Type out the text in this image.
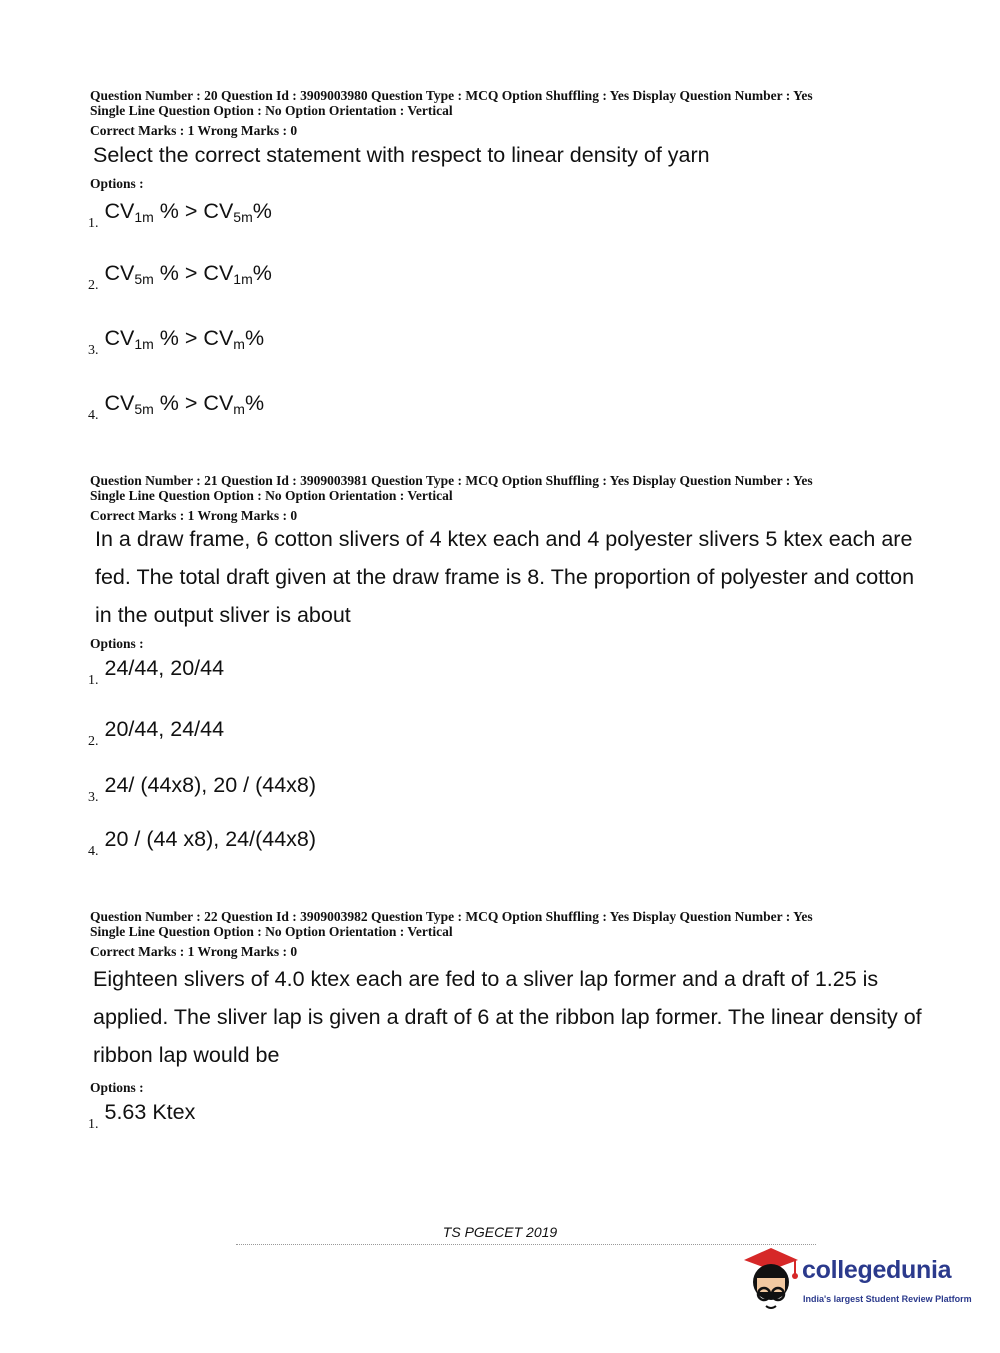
Question Number : 20 Question Id : 3909003980 Question Type : MCQ Option Shuffling : Yes Display Question Number : Yes
Single Line Question Option : No Option Orientation : Vertical
Correct Marks : 1 Wrong Marks : 0
Select the correct statement with respect to linear density of yarn
Options :
$1.CV_{1m}$ % > $CV_{5m}\%$
$2.CV_{5m}$ % > $CV_{1m}\%$
$3.CV_{1m}$ % > $CV_m\%$
$4.CV_{5m}$ % > $CV_m\%$
Question Number : 21 Question Id : 3909003981 Question Type : MCQ Option Shuffling : Yes Display Question Number : Yes
Single Line Question Option : No Option Orientation : Vertical
Correct Marks : 1 Wrong Marks : 0
In a draw frame, 6 cotton slivers of 4 ktex each and 4 polyester slivers 5 ktex each are fed. The total draft given at the draw frame is 8. The proportion of polyester and cotton in the output sliver is about
Options :
1.24/44, 20/44
2.20/44, 24/44
3.24/ (44x8), 20 / (44x8)
4.20 / (44 x8), 24/(44x8)
Question Number : 22 Question Id : 3909003982 Question Type : MCQ Option Shuffling : Yes Display Question Number : Yes
Single Line Question Option : No Option Orientation : Vertical
Correct Marks : 1 Wrong Marks : 0
Eighteen slivers of 4.0 ktex each are fed to a sliver lap former and a draft of 1.25 is applied. The sliver lap is given a draft of 6 at the ribbon lap former. The linear density of ribbon lap would be
Options :
1.5.63 Ktex
TS PGECET 2019
collegedunia
India's largest Student Review Platform
